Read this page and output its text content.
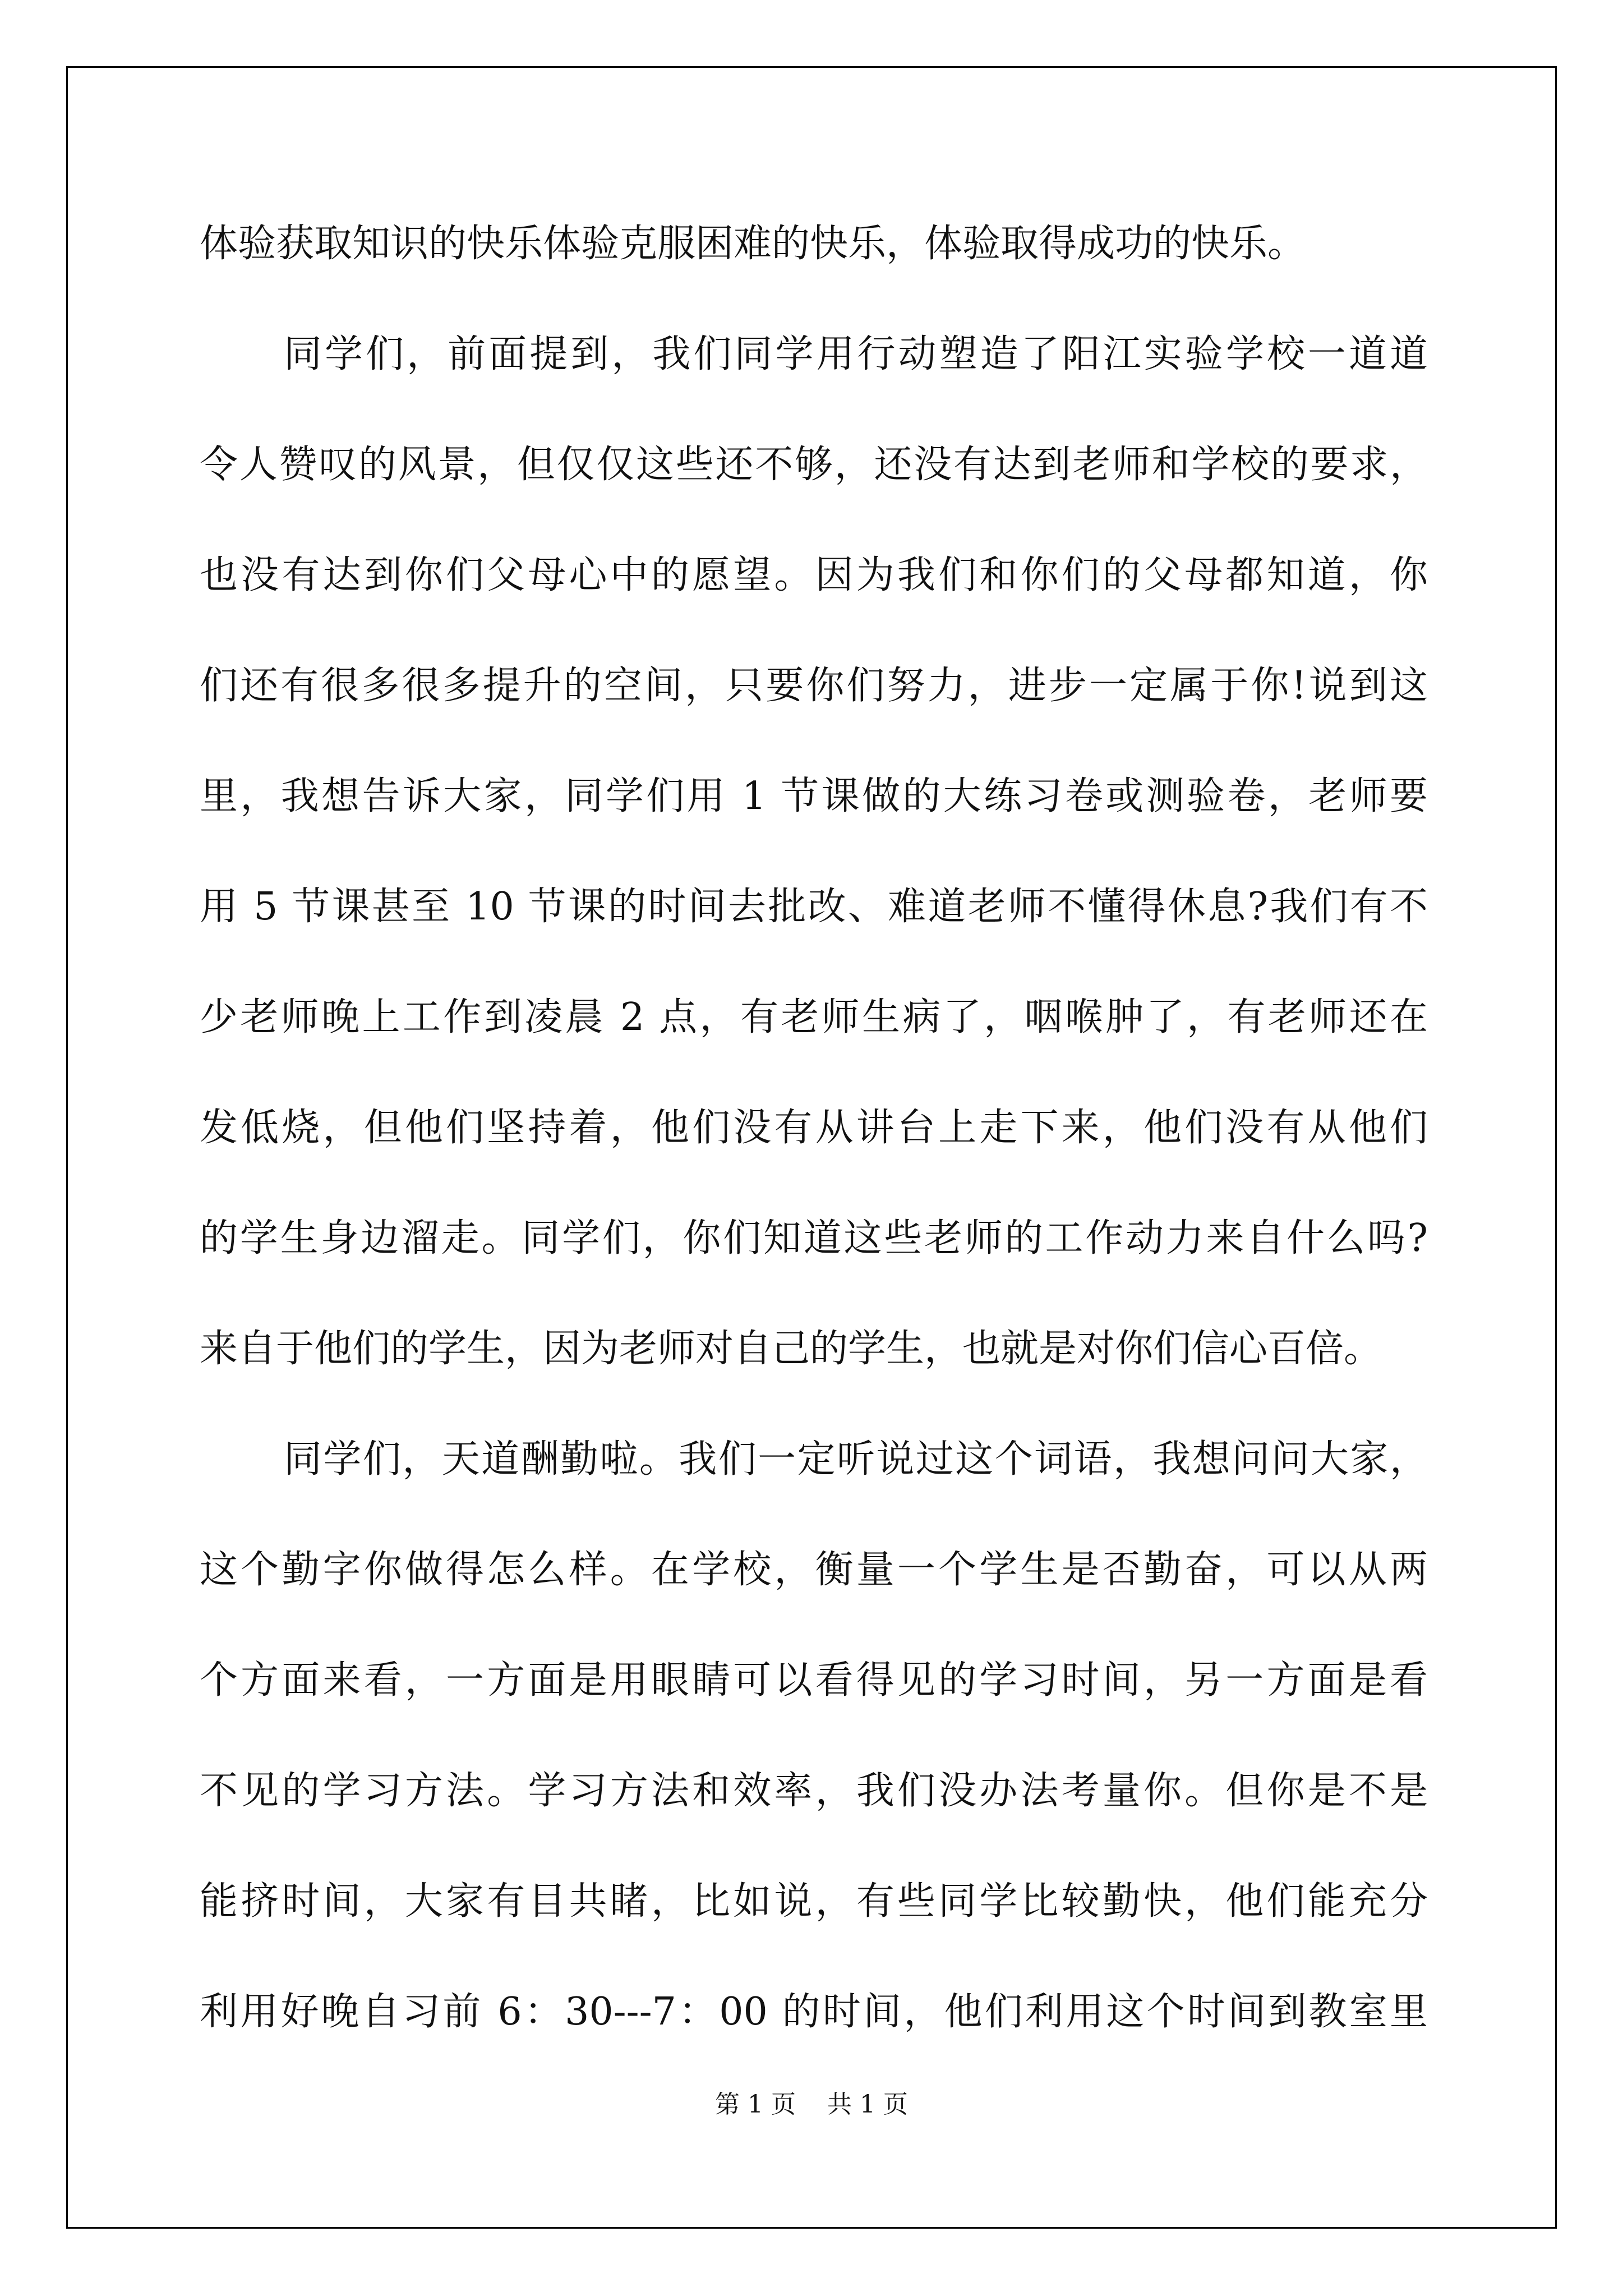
体验获取知识的快乐体验克服困难的快乐，体验取得成功的快乐。
同学们，前面提到，我们同学用行动塑造了阳江实验学校一道道
令人赞叹的风景，但仅仅这些还不够，还没有达到老师和学校的要求，
也没有达到你们父母心中的愿望。因为我们和你们的父母都知道，你
们还有很多很多提升的空间，只要你们努力，进步一定属于你!说到这
里，我想告诉大家，同学们用 1 节课做的大练习卷或测验卷，老师要
用 5 节课甚至 10 节课的时间去批改、难道老师不懂得休息?我们有不
少老师晚上工作到凌晨 2 点，有老师生病了，咽喉肿了，有老师还在
发低烧，但他们坚持着，他们没有从讲台上走下来，他们没有从他们
的学生身边溜走。同学们，你们知道这些老师的工作动力来自什么吗?
来自于他们的学生，因为老师对自己的学生，也就是对你们信心百倍。
同学们，天道酬勤啦。我们一定听说过这个词语，我想问问大家，
这个勤字你做得怎么样。在学校，衡量一个学生是否勤奋，可以从两
个方面来看，一方面是用眼睛可以看得见的学习时间，另一方面是看
不见的学习方法。学习方法和效率，我们没办法考量你。但你是不是
能挤时间，大家有目共睹，比如说，有些同学比较勤快，他们能充分
利用好晚自习前 6：30---7：00 的时间，他们利用这个时间到教室里
第 1 页    共 1 页
